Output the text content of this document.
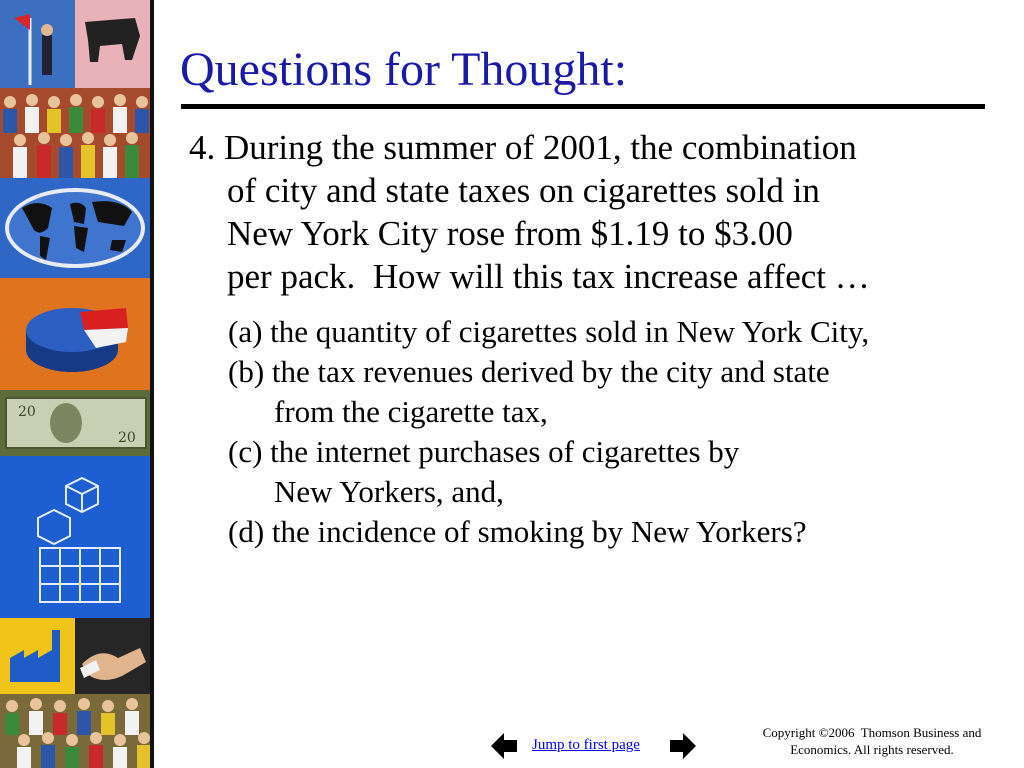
20
20
Questions for Thought:
4. During the summer of 2001, the combination
of city and state taxes on cigarettes sold in
New York City rose from $1.19 to $3.00
per pack.  How will this tax increase affect …
(a) the quantity of cigarettes sold in New York City,
(b) the tax revenues derived by the city and state
from the cigarette tax,
(c) the internet purchases of cigarettes by
New Yorkers, and,
(d) the incidence of smoking by New Yorkers?
Jump to first page
Copyright ©2006  Thomson Business and
Economics. All rights reserved.
